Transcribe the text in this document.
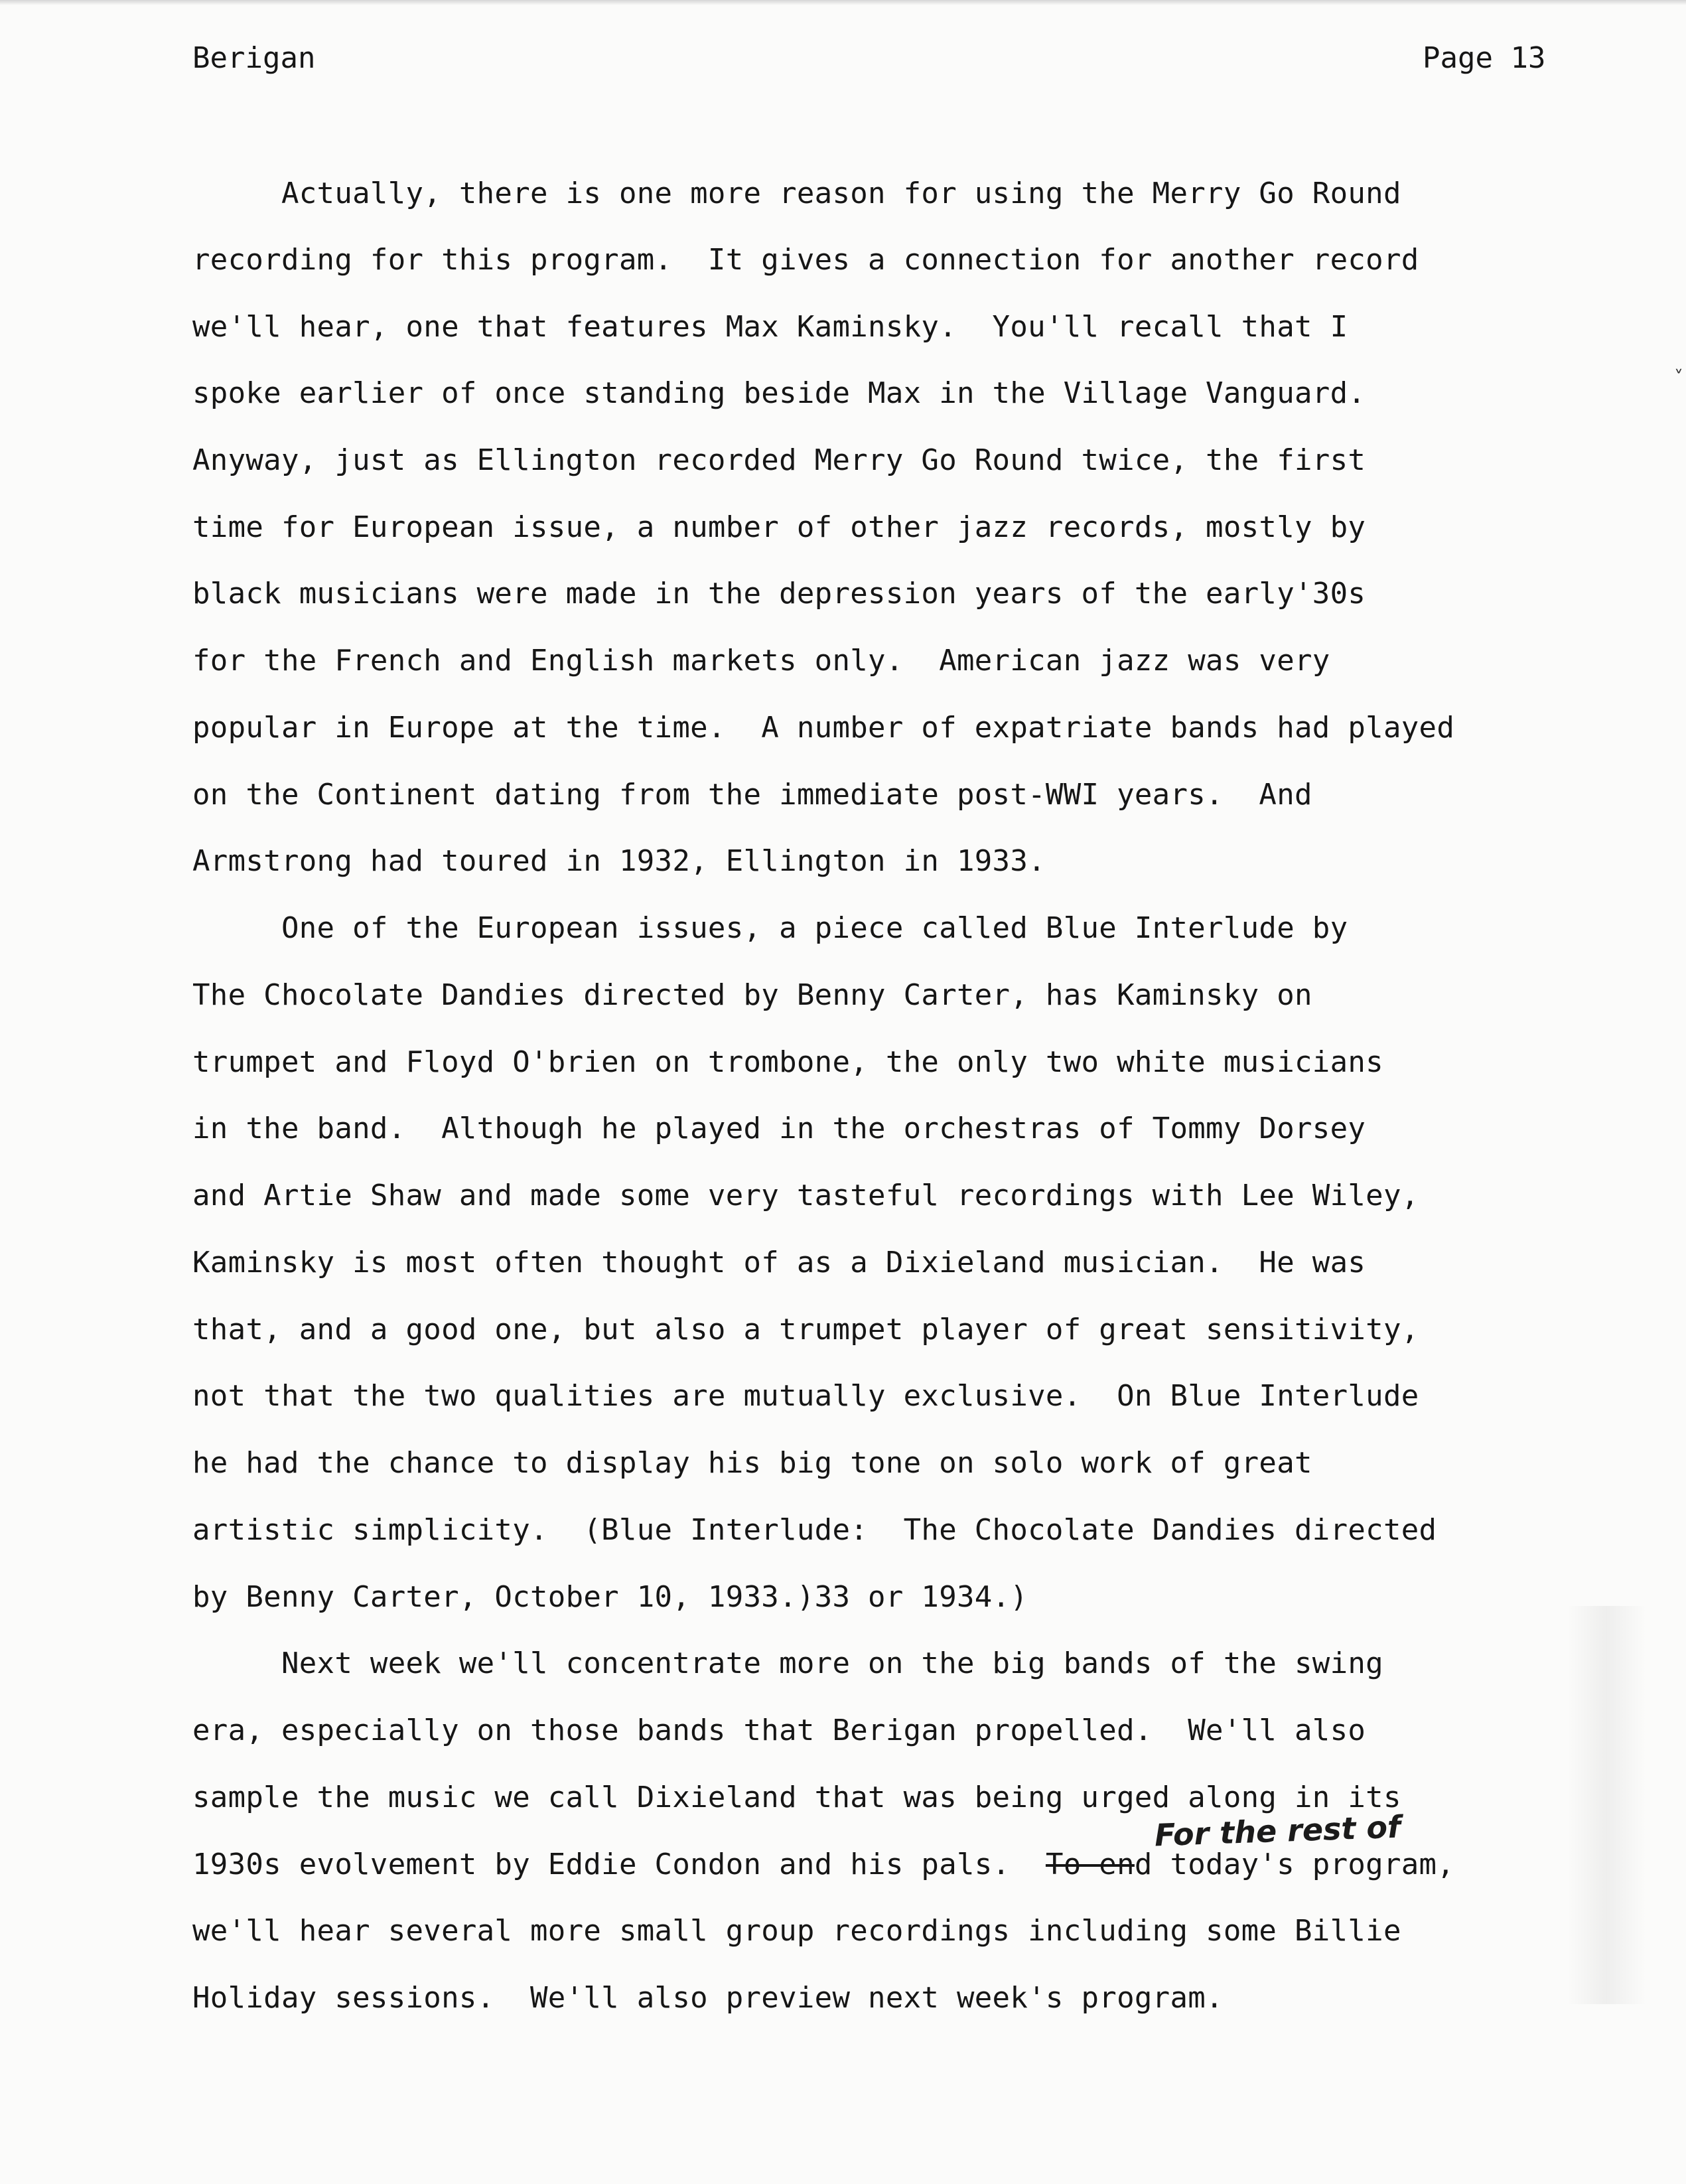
Berigan	Page 13
Actually, there is one more reason for using the Merry Go Round
recording for this program.  It gives a connection for another record
we'll hear, one that features Max Kaminsky.  You'll recall that I
spoke earlier of once standing beside Max in the Village Vanguard.
Anyway, just as Ellington recorded Merry Go Round twice, the first
time for European issue, a number of other jazz records, mostly by
black musicians were made in the depression years of the early'30s
for the French and English markets only.  American jazz was very
popular in Europe at the time.  A number of expatriate bands had played
on the Continent dating from the immediate post-WWI years.  And
Armstrong had toured in 1932, Ellington in 1933.
One of the European issues, a piece called Blue Interlude by
The Chocolate Dandies directed by Benny Carter, has Kaminsky on
trumpet and Floyd O'brien on trombone, the only two white musicians
in the band.  Although he played in the orchestras of Tommy Dorsey
and Artie Shaw and made some very tasteful recordings with Lee Wiley,
Kaminsky is most often thought of as a Dixieland musician.  He was
that, and a good one, but also a trumpet player of great sensitivity,
not that the two qualities are mutually exclusive.  On Blue Interlude
he had the chance to display his big tone on solo work of great
artistic simplicity.  (Blue Interlude:  The Chocolate Dandies directed
by Benny Carter, October 10, 1933.)33 or 1934.)
Next week we'll concentrate more on the big bands of the swing
era, especially on those bands that Berigan propelled.  We'll also
sample the music we call Dixieland that was being urged along in its
1930s evolvement by Eddie Condon and his pals.  To end today's program,
we'll hear several more small group recordings including some Billie
Holiday sessions.  We'll also preview next week's program.
For the rest of
˅
